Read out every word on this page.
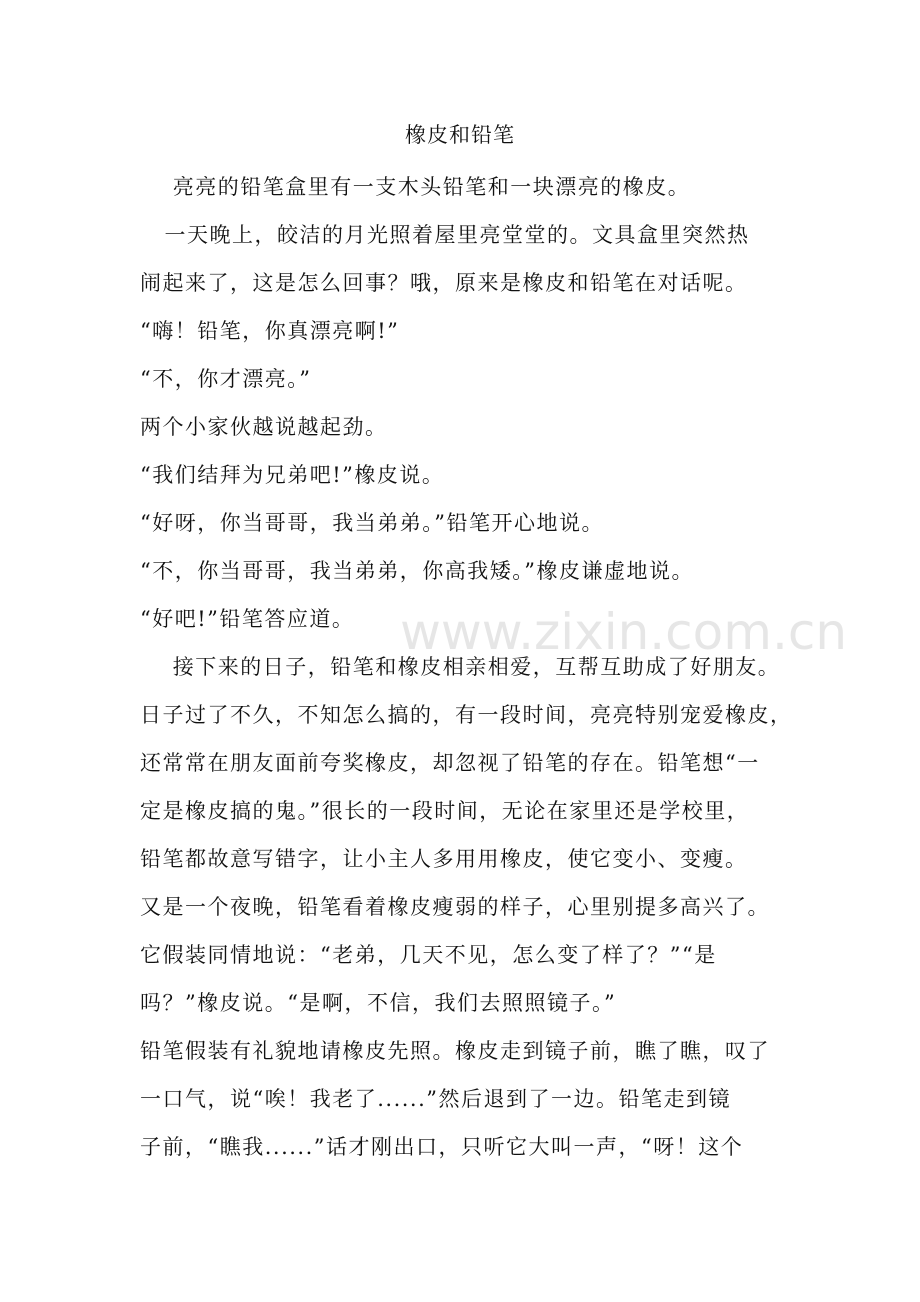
橡皮和铅笔
亮亮的铅笔盒里有一支木头铅笔和一块漂亮的橡皮。
一天晚上，皎洁的月光照着屋里亮堂堂的。文具盒里突然热
闹起来了，这是怎么回事？哦，原来是橡皮和铅笔在对话呢。
“嗨！铅笔，你真漂亮啊!”
“不，你才漂亮。”
两个小家伙越说越起劲。
“我们结拜为兄弟吧!”橡皮说。
“好呀，你当哥哥，我当弟弟。”铅笔开心地说。
“不，你当哥哥，我当弟弟，你高我矮。”橡皮谦虚地说。
“好吧!”铅笔答应道。
接下来的日子，铅笔和橡皮相亲相爱，互帮互助成了好朋友。
日子过了不久，不知怎么搞的，有一段时间，亮亮特别宠爱橡皮，
还常常在朋友面前夸奖橡皮，却忽视了铅笔的存在。铅笔想“一
定是橡皮搞的鬼。”很长的一段时间，无论在家里还是学校里，
铅笔都故意写错字，让小主人多用用橡皮，使它变小、变瘦。
又是一个夜晚，铅笔看着橡皮瘦弱的样子，心里别提多高兴了。
它假装同情地说：“老弟，几天不见，怎么变了样了？”“是
吗？”橡皮说。“是啊，不信，我们去照照镜子。”
铅笔假装有礼貌地请橡皮先照。橡皮走到镜子前，瞧了瞧，叹了
一口气，说“唉！我老了......”然后退到了一边。铅笔走到镜
子前，“瞧我......”话才刚出口，只听它大叫一声，“呀！这个
www.zixin.com.cn
